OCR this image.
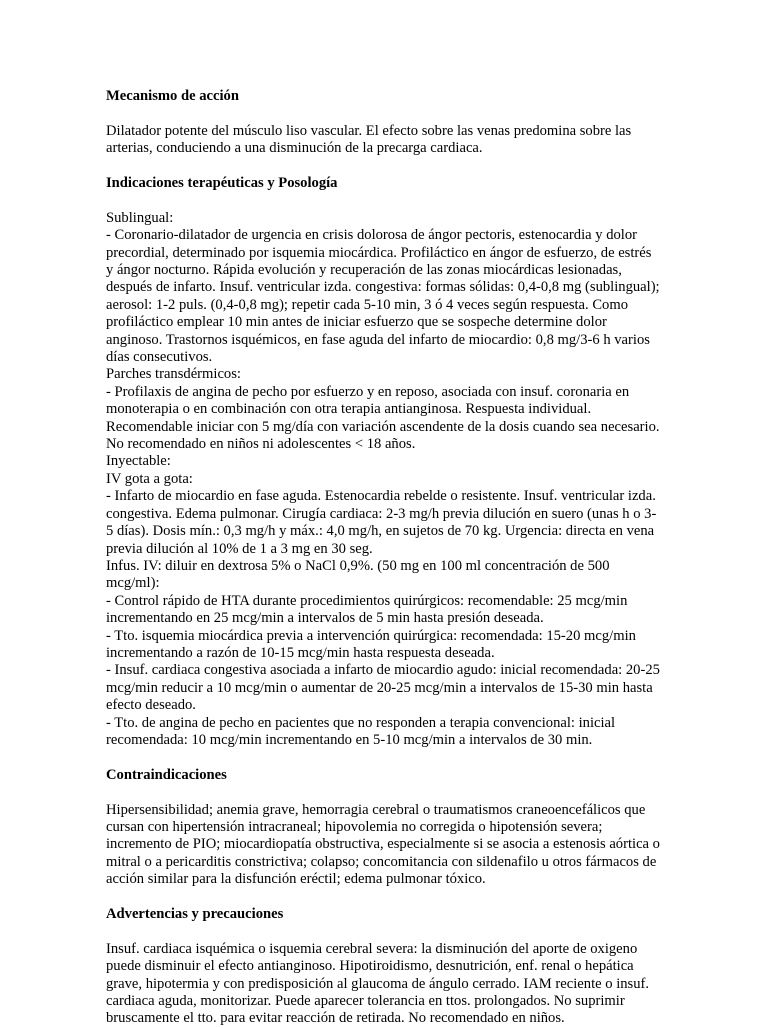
Mecanismo de acción

Dilatador potente del músculo liso vascular. El efecto sobre las venas predomina sobre las arterias, conduciendo a una disminución de la precarga cardiaca.

Indicaciones terapéuticas y Posología

Sublingual:

- Coronario-dilatador de urgencia en crisis dolorosa de ángor pectoris, estenocardia y dolor precordial, determinado por isquemia miocárdica. Profiláctico en ángor de esfuerzo, de estrés y ángor nocturno. Rápida evolución y recuperación de las zonas miocárdicas lesionadas, después de infarto. Insuf. ventricular izda. congestiva: formas sólidas: 0,4-0,8 mg (sublingual); aerosol: 1-2 puls. (0,4-0,8 mg); repetir cada 5-10 min, 3 ó 4 veces según respuesta. Como profiláctico emplear 10 min antes de iniciar esfuerzo que se sospeche determine dolor anginoso. Trastornos isquémicos, en fase aguda del infarto de miocardio: 0,8 mg/3-6 h varios días consecutivos.

Parches transdérmicos:

- Profilaxis de angina de pecho por esfuerzo y en reposo, asociada con insuf. coronaria en monoterapia o en combinación con otra terapia antianginosa. Respuesta individual. Recomendable iniciar con 5 mg/día con variación ascendente de la dosis cuando sea necesario. No recomendado en niños ni adolescentes < 18 años.

Inyectable:

IV gota a gota:

- Infarto de miocardio en fase aguda. Estenocardia rebelde o resistente. Insuf. ventricular izda. congestiva. Edema pulmonar. Cirugía cardiaca: 2-3 mg/h previa dilución en suero (unas h o 3-5 días). Dosis mín.: 0,3 mg/h y máx.: 4,0 mg/h, en sujetos de 70 kg. Urgencia: directa en vena previa dilución al 10% de 1 a 3 mg en 30 seg.

Infus. IV: diluir en dextrosa 5% o NaCl 0,9%. (50 mg en 100 ml concentración de 500 mcg/ml):

- Control rápido de HTA durante procedimientos quirúrgicos: recomendable: 25 mcg/min incrementando en 25 mcg/min a intervalos de 5 min hasta presión deseada.

- Tto. isquemia miocárdica previa a intervención quirúrgica: recomendada: 15-20 mcg/min incrementando a razón de 10-15 mcg/min hasta respuesta deseada.

- Insuf. cardiaca congestiva asociada a infarto de miocardio agudo: inicial recomendada: 20-25 mcg/min reducir a 10 mcg/min o aumentar de 20-25 mcg/min a intervalos de 15-30 min hasta efecto deseado.

- Tto. de angina de pecho en pacientes que no responden a terapia convencional: inicial recomendada: 10 mcg/min incrementando en 5-10 mcg/min a intervalos de 30 min.

Contraindicaciones

Hipersensibilidad; anemia grave, hemorragia cerebral o traumatismos craneoencefálicos que cursan con hipertensión intracraneal; hipovolemia no corregida o hipotensión severa; incremento de PIO; miocardiopatía obstructiva, especialmente si se asocia a estenosis aórtica o mitral o a pericarditis constrictiva; colapso; concomitancia con sildenafilo u otros fármacos de acción similar para la disfunción eréctil; edema pulmonar tóxico.

Advertencias y precauciones

Insuf. cardiaca isquémica o isquemia cerebral severa: la disminución del aporte de oxigeno puede disminuir el efecto antianginoso. Hipotiroidismo, desnutrición, enf. renal o hepática grave, hipotermia y con predisposición al glaucoma de ángulo cerrado. IAM reciente o insuf. cardiaca aguda, monitorizar. Puede aparecer tolerancia en ttos. prolongados. No suprimir bruscamente el tto. para evitar reacción de retirada. No recomendado en niños.
